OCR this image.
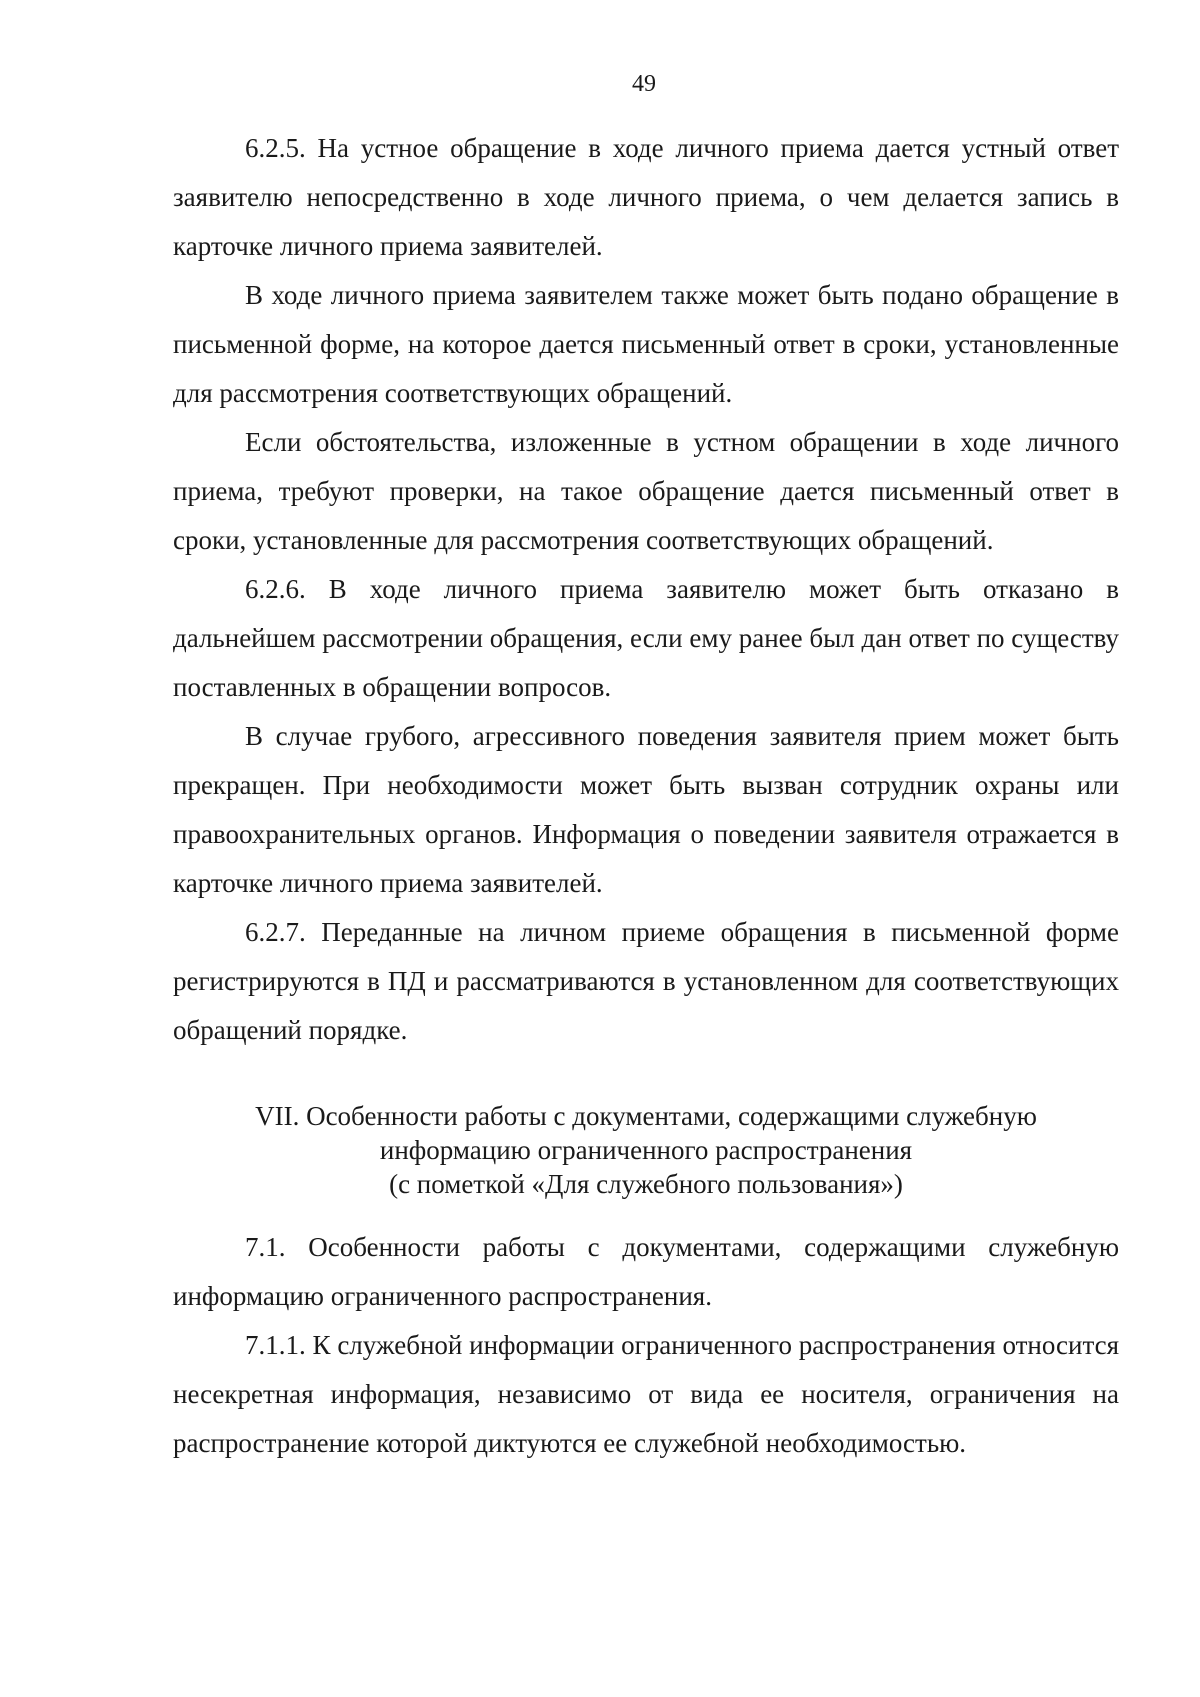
49

6.2.5. На устное обращение в ходе личного приема дается устный ответ заявителю непосредственно в ходе личного приема, о чем делается запись в карточке личного приема заявителей.

В ходе личного приема заявителем также может быть подано обращение в письменной форме, на которое дается письменный ответ в сроки, установленные для рассмотрения соответствующих обращений.

Если обстоятельства, изложенные в устном обращении в ходе личного приема, требуют проверки, на такое обращение дается письменный ответ в сроки, установленные для рассмотрения соответствующих обращений.

6.2.6. В ходе личного приема заявителю может быть отказано в дальнейшем рассмотрении обращения, если ему ранее был дан ответ по существу поставленных в обращении вопросов.

В случае грубого, агрессивного поведения заявителя прием может быть прекращен. При необходимости может быть вызван сотрудник охраны или правоохранительных органов. Информация о поведении заявителя отражается в карточке личного приема заявителей.

6.2.7. Переданные на личном приеме обращения в письменной форме регистрируются в ПД и рассматриваются в установленном для соответствующих обращений порядке.

VII. Особенности работы с документами, содержащими служебную
информацию ограниченного распространения
(с пометкой «Для служебного пользования»)

7.1. Особенности работы с документами, содержащими служебную информацию ограниченного распространения.

7.1.1. К служебной информации ограниченного распространения относится несекретная информация, независимо от вида ее носителя, ограничения на распространение которой диктуются ее служебной необходимостью.
